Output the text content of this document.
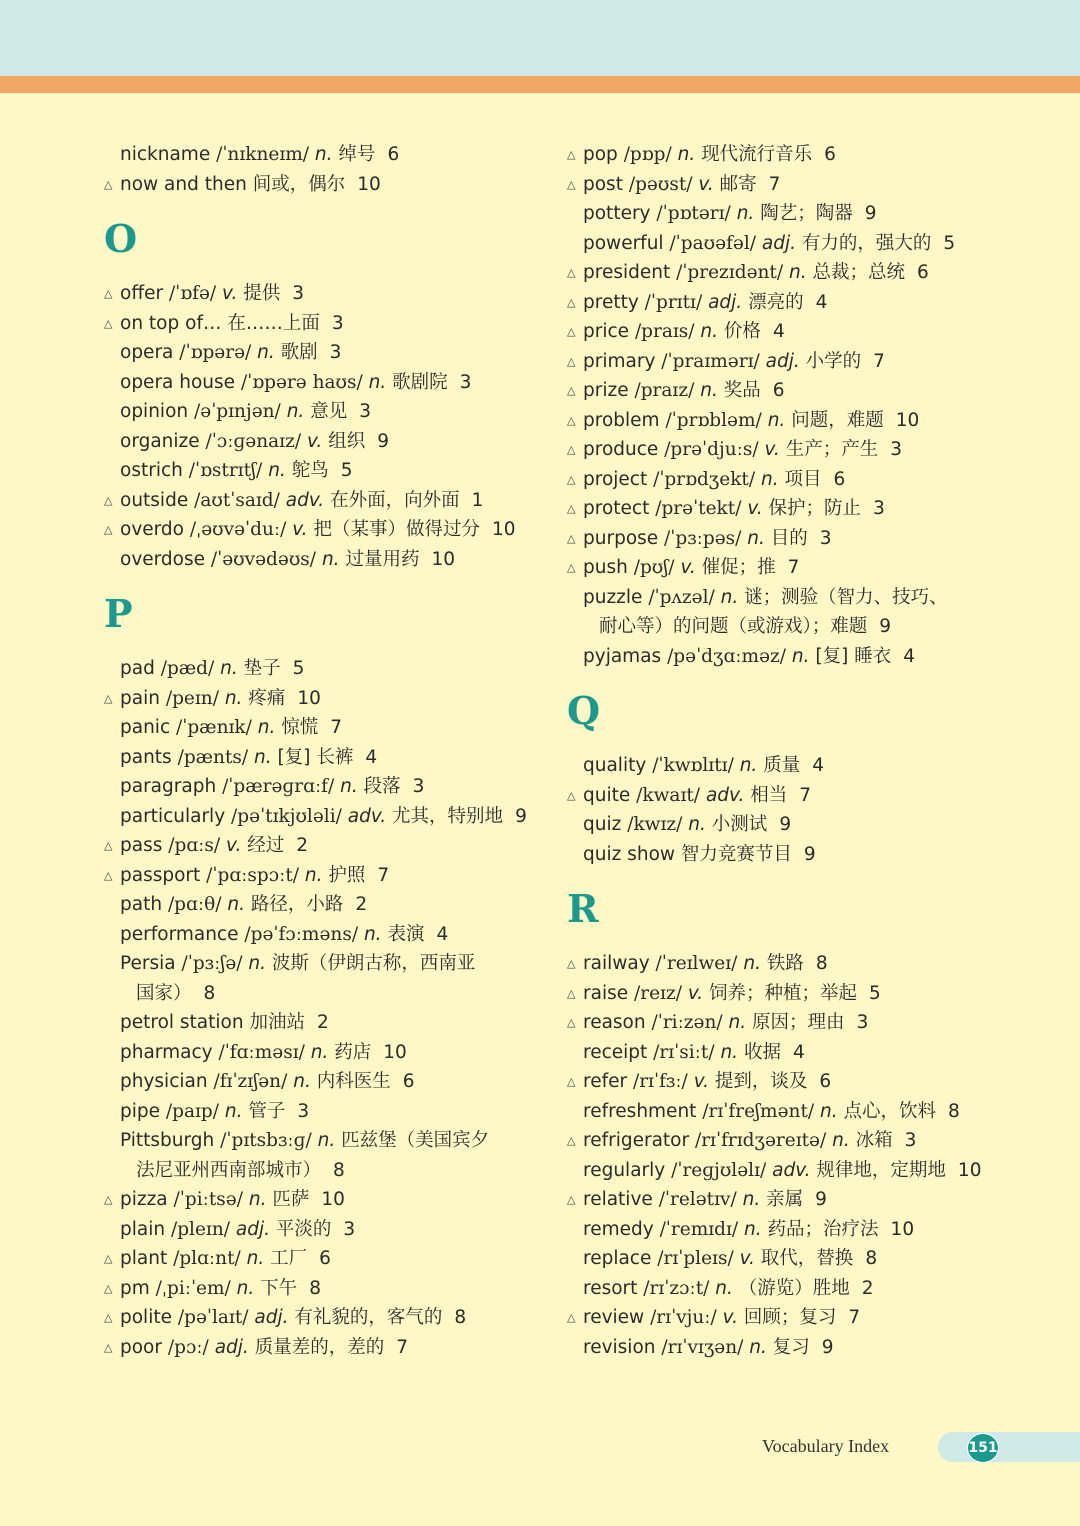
nickname /ˈnɪkneɪm/ n. 绰号 6
△
now and then 间或，偶尔 10
O
△
offer /ˈɒfə/ v. 提供 3
△
on top of… 在……上面 3
opera /ˈɒpərə/ n. 歌剧 3
opera house /ˈɒpərə haʊs/ n. 歌剧院 3
opinion /əˈpɪnjən/ n. 意见 3
organize /ˈɔːɡənaɪz/ v. 组织 9
ostrich /ˈɒstrɪtʃ/ n. 鸵鸟 5
△
outside /aʊtˈsaɪd/ adv. 在外面，向外面 1
△
overdo /ˌəʊvəˈduː/ v. 把（某事）做得过分 10
overdose /ˈəʊvədəʊs/ n. 过量用药 10
P
pad /pæd/ n. 垫子 5
△
pain /peɪn/ n. 疼痛 10
panic /ˈpænɪk/ n. 惊慌 7
pants /pænts/ n. [复] 长裤 4
paragraph /ˈpærəɡrɑːf/ n. 段落 3
particularly /pəˈtɪkjʊləli/ adv. 尤其，特别地 9
△
pass /pɑːs/ v. 经过 2
△
passport /ˈpɑːspɔːt/ n. 护照 7
path /pɑːθ/ n. 路径，小路 2
performance /pəˈfɔːməns/ n. 表演 4
Persia /ˈpɜːʃə/ n. 波斯（伊朗古称，西南亚
国家） 8
petrol station 加油站 2
pharmacy /ˈfɑːməsɪ/ n. 药店 10
physician /fɪˈzɪʃən/ n. 内科医生 6
pipe /paɪp/ n. 管子 3
Pittsburgh /ˈpɪtsbɜːɡ/ n. 匹兹堡（美国宾夕
法尼亚州西南部城市） 8
△
pizza /ˈpiːtsə/ n. 匹萨 10
plain /pleɪn/ adj. 平淡的 3
△
plant /plɑːnt/ n. 工厂 6
△
pm /ˌpiːˈem/ n. 下午 8
△
polite /pəˈlaɪt/ adj. 有礼貌的，客气的 8
△
poor /pɔː/ adj. 质量差的，差的 7
△
pop /pɒp/ n. 现代流行音乐 6
△
post /pəʊst/ v. 邮寄 7
pottery /ˈpɒtərɪ/ n. 陶艺；陶器 9
powerful /ˈpaʊəfəl/ adj. 有力的，强大的 5
△
president /ˈprezɪdənt/ n. 总裁；总统 6
△
pretty /ˈprɪtɪ/ adj. 漂亮的 4
△
price /praɪs/ n. 价格 4
△
primary /ˈpraɪmərɪ/ adj. 小学的 7
△
prize /praɪz/ n. 奖品 6
△
problem /ˈprɒbləm/ n. 问题，难题 10
△
produce /prəˈdjuːs/ v. 生产；产生 3
△
project /ˈprɒdʒekt/ n. 项目 6
△
protect /prəˈtekt/ v. 保护；防止 3
△
purpose /ˈpɜːpəs/ n. 目的 3
△
push /pʊʃ/ v. 催促；推 7
puzzle /ˈpʌzəl/ n. 谜；测验（智力、技巧、
耐心等）的问题（或游戏）；难题 9
pyjamas /pəˈdʒɑːməz/ n. [复] 睡衣 4
Q
quality /ˈkwɒlɪtɪ/ n. 质量 4
△
quite /kwaɪt/ adv. 相当 7
quiz /kwɪz/ n. 小测试 9
quiz show 智力竞赛节目 9
R
△
railway /ˈreɪlweɪ/ n. 铁路 8
△
raise /reɪz/ v. 饲养；种植；举起 5
△
reason /ˈriːzən/ n. 原因；理由 3
receipt /rɪˈsiːt/ n. 收据 4
△
refer /rɪˈfɜː/ v. 提到，谈及 6
refreshment /rɪˈfreʃmənt/ n. 点心，饮料 8
△
refrigerator /rɪˈfrɪdʒəreɪtə/ n. 冰箱 3
regularly /ˈreɡjʊləlɪ/ adv. 规律地，定期地 10
△
relative /ˈrelətɪv/ n. 亲属 9
remedy /ˈremɪdɪ/ n. 药品；治疗法 10
replace /rɪˈpleɪs/ v. 取代，替换 8
resort /rɪˈzɔːt/ n. （游览）胜地 2
△
review /rɪˈvjuː/ v. 回顾；复习 7
revision /rɪˈvɪʒən/ n. 复习 9
Vocabulary Index	151
